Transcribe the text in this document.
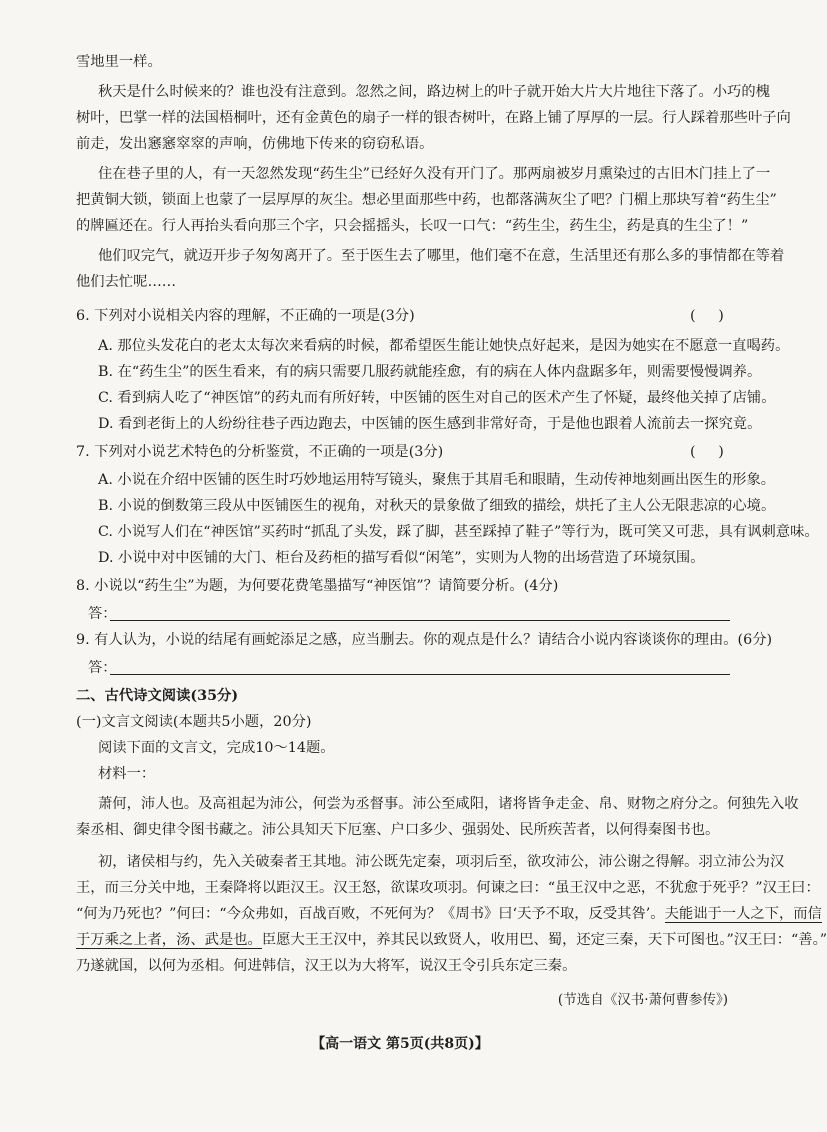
雪地里一样。
秋天是什么时候来的？谁也没有注意到。忽然之间，路边树上的叶子就开始大片大片地往下落了。小巧的槐
树叶，巴掌一样的法国梧桐叶，还有金黄色的扇子一样的银杏树叶，在路上铺了厚厚的一层。行人踩着那些叶子向
前走，发出窸窸窣窣的声响，仿佛地下传来的窃窃私语。
住在巷子里的人，有一天忽然发现“药生尘”已经好久没有开门了。那两扇被岁月熏染过的古旧木门挂上了一
把黄铜大锁，锁面上也蒙了一层厚厚的灰尘。想必里面那些中药，也都落满灰尘了吧？门楣上那块写着“药生尘”
的牌匾还在。行人再抬头看向那三个字，只会摇摇头，长叹一口气：“药生尘，药生尘，药是真的生尘了！”
他们叹完气，就迈开步子匆匆离开了。至于医生去了哪里，他们毫不在意，生活里还有那么多的事情都在等着
他们去忙呢……
6. 下列对小说相关内容的理解，不正确的一项是(3分)	(     )
A. 那位头发花白的老太太每次来看病的时候，都希望医生能让她快点好起来，是因为她实在不愿意一直喝药。
B. 在“药生尘”的医生看来，有的病只需要几服药就能痊愈，有的病在人体内盘踞多年，则需要慢慢调养。
C. 看到病人吃了“神医馆”的药丸而有所好转，中医铺的医生对自己的医术产生了怀疑，最终他关掉了店铺。
D. 看到老街上的人纷纷往巷子西边跑去，中医铺的医生感到非常好奇，于是他也跟着人流前去一探究竟。
7. 下列对小说艺术特色的分析鉴赏，不正确的一项是(3分)	(     )
A. 小说在介绍中医铺的医生时巧妙地运用特写镜头，聚焦于其眉毛和眼睛，生动传神地刻画出医生的形象。
B. 小说的倒数第三段从中医铺医生的视角，对秋天的景象做了细致的描绘，烘托了主人公无限悲凉的心境。
C. 小说写人们在“神医馆”买药时“抓乱了头发，踩了脚，甚至踩掉了鞋子”等行为，既可笑又可悲，具有讽刺意味。
D. 小说中对中医铺的大门、柜台及药柜的描写看似“闲笔”，实则为人物的出场营造了环境氛围。
8. 小说以“药生尘”为题，为何要花费笔墨描写“神医馆”？请简要分析。(4分)
答：
9. 有人认为，小说的结尾有画蛇添足之感，应当删去。你的观点是什么？请结合小说内容谈谈你的理由。(6分)
答：
二、古代诗文阅读(35分)
(一)文言文阅读(本题共5小题，20分)
阅读下面的文言文，完成10～14题。
材料一：
萧何，沛人也。及高祖起为沛公，何尝为丞督事。沛公至咸阳，诸将皆争走金、帛、财物之府分之。何独先入收
秦丞相、御史律令图书藏之。沛公具知天下厄塞、户口多少、强弱处、民所疾苦者，以何得秦图书也。
初，诸侯相与约，先入关破秦者王其地。沛公既先定秦，项羽后至，欲攻沛公，沛公谢之得解。羽立沛公为汉
王，而三分关中地，王秦降将以距汉王。汉王怒，欲谋攻项羽。何谏之曰：“虽王汉中之恶，不犹愈于死乎？”汉王曰：
“何为乃死也？”何曰：“今众弗如，百战百败，不死何为？《周书》曰‘天予不取，反受其咎’。夫能诎于一人之下，而信
于万乘之上者，汤、武是也。臣愿大王王汉中，养其民以致贤人，收用巴、蜀，还定三秦，天下可图也。”汉王曰：“善。”
乃遂就国，以何为丞相。何进韩信，汉王以为大将军，说汉王令引兵东定三秦。
(节选自《汉书·萧何曹参传》)
【高一语文 第5页(共8页)】
